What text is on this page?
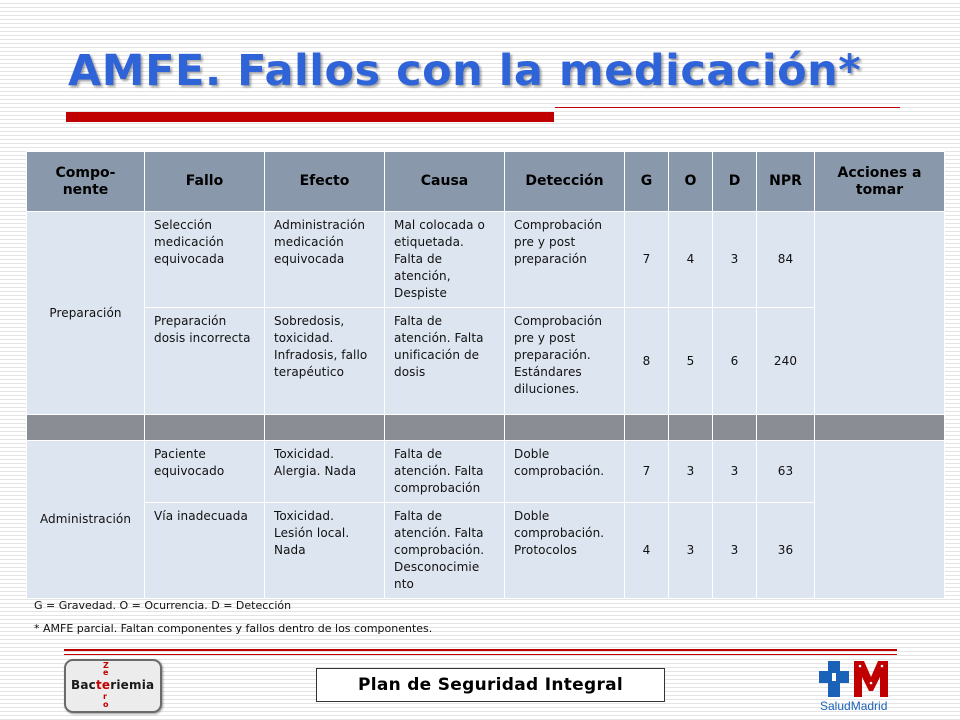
AMFE. Fallos con la medicación*
Compo-
nente	Fallo	Efecto	Causa	Detección	G	O	D	NPR	Acciones a tomar
Preparación	Selección medicación equivocada	Administración medicación equivocada	Mal colocada o etiquetada. Falta de atención, Despiste	Comprobación pre y post preparación	7	4	3	84	
	Preparación dosis incorrecta	Sobredosis, toxicidad. Infradosis, fallo terapéutico	Falta de atención. Falta unificación de dosis	Comprobación pre y post preparación. Estándares diluciones.	8	5	6	240	

Administración	Paciente equivocado	Toxicidad. Alergia. Nada	Falta de atención. Falta comprobación	Doble comprobación.	7	3	3	63	
	Vía inadecuada	Toxicidad. Lesión local. Nada	Falta de atención. Falta comprobación. Desconocimie nto	Doble comprobación. Protocolos	4	3	3	36	
G = Gravedad. O = Ocurrencia. D = Detección
* AMFE parcial. Faltan componentes y fallos dentro de los componentes.
Z
e
Bacteriemia
r
o
Plan de Seguridad Integral
SaludMadrid
